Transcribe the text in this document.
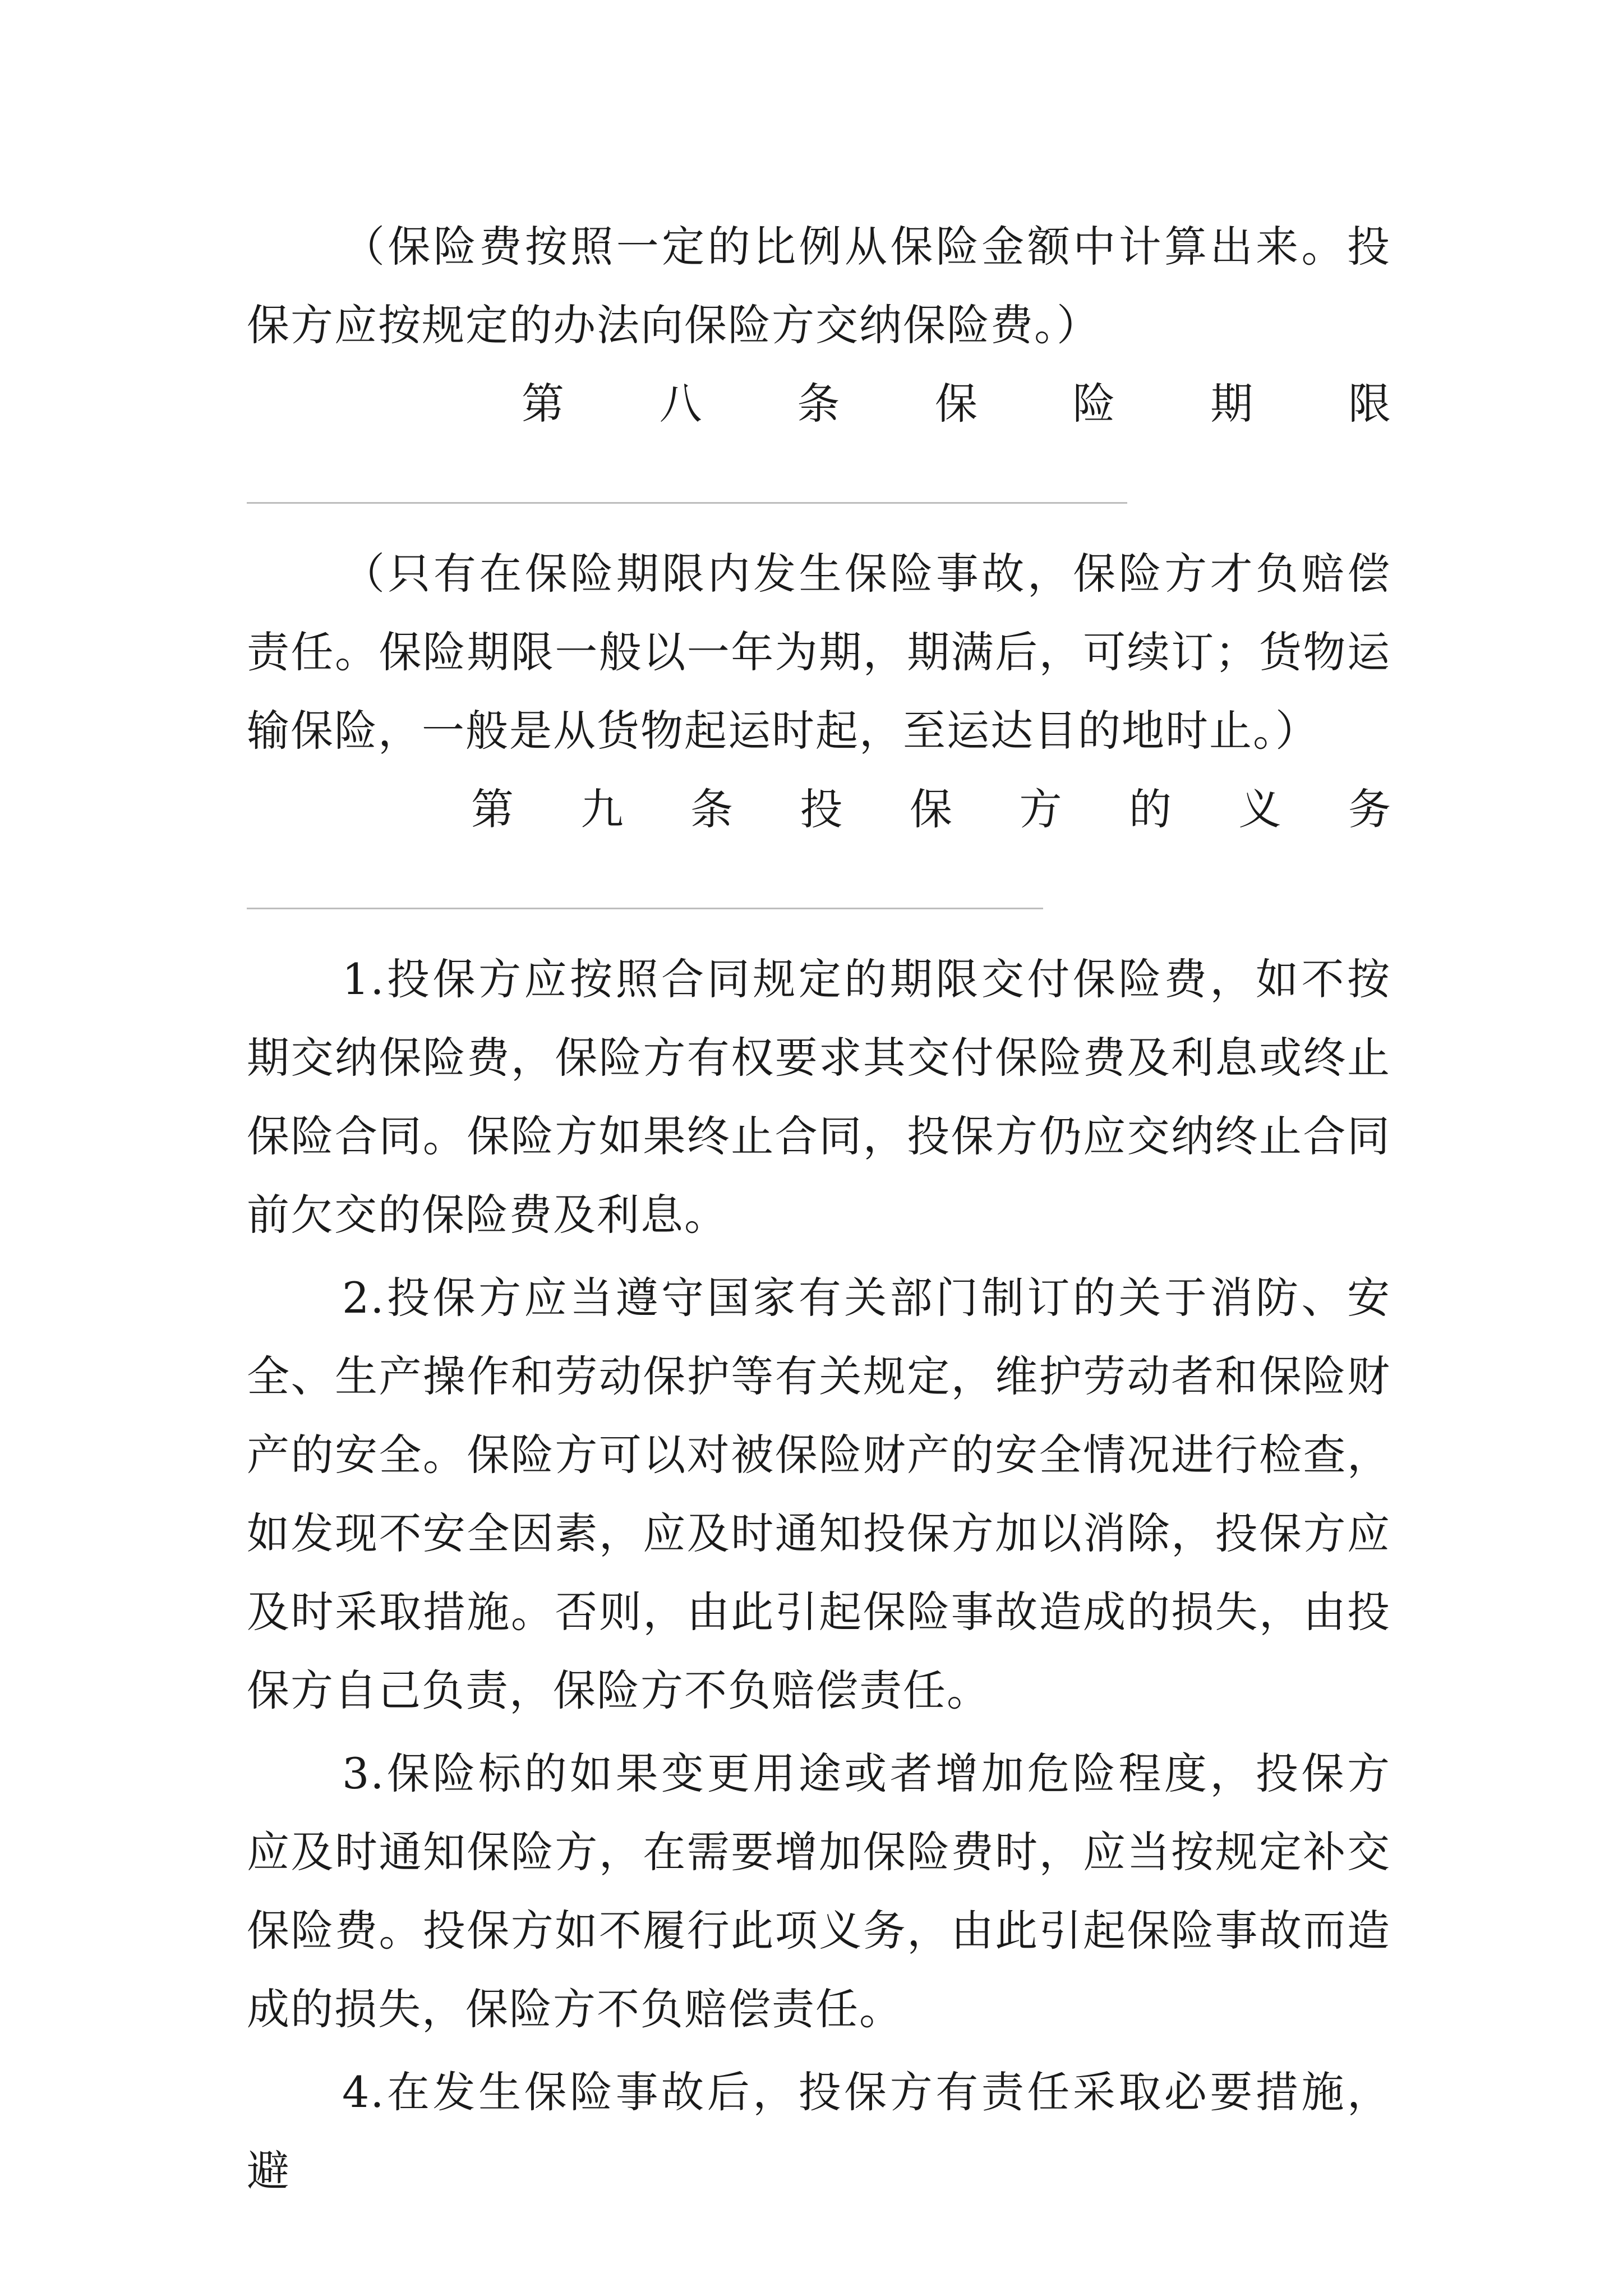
（保险费按照一定的比例从保险金额中计算出来。投保方应按规定的办法向保险方交纳保险费。）

第 八 条 保 险 期 限

（只有在保险期限内发生保险事故，保险方才负赔偿责任。保险期限一般以一年为期，期满后，可续订；货物运输保险，一般是从货物起运时起，至运达目的地时止。）

第 九 条 投 保 方 的 义 务

1.投保方应按照合同规定的期限交付保险费，如不按期交纳保险费，保险方有权要求其交付保险费及利息或终止保险合同。保险方如果终止合同，投保方仍应交纳终止合同前欠交的保险费及利息。

2.投保方应当遵守国家有关部门制订的关于消防、安全、生产操作和劳动保护等有关规定，维护劳动者和保险财产的安全。保险方可以对被保险财产的安全情况进行检查，如发现不安全因素，应及时通知投保方加以消除，投保方应及时采取措施。否则，由此引起保险事故造成的损失，由投保方自己负责，保险方不负赔偿责任。

3.保险标的如果变更用途或者增加危险程度，投保方应及时通知保险方，在需要增加保险费时，应当按规定补交保险费。投保方如不履行此项义务，由此引起保险事故而造成的损失，保险方不负赔偿责任。

4.在发生保险事故后，投保方有责任采取必要措施，避
